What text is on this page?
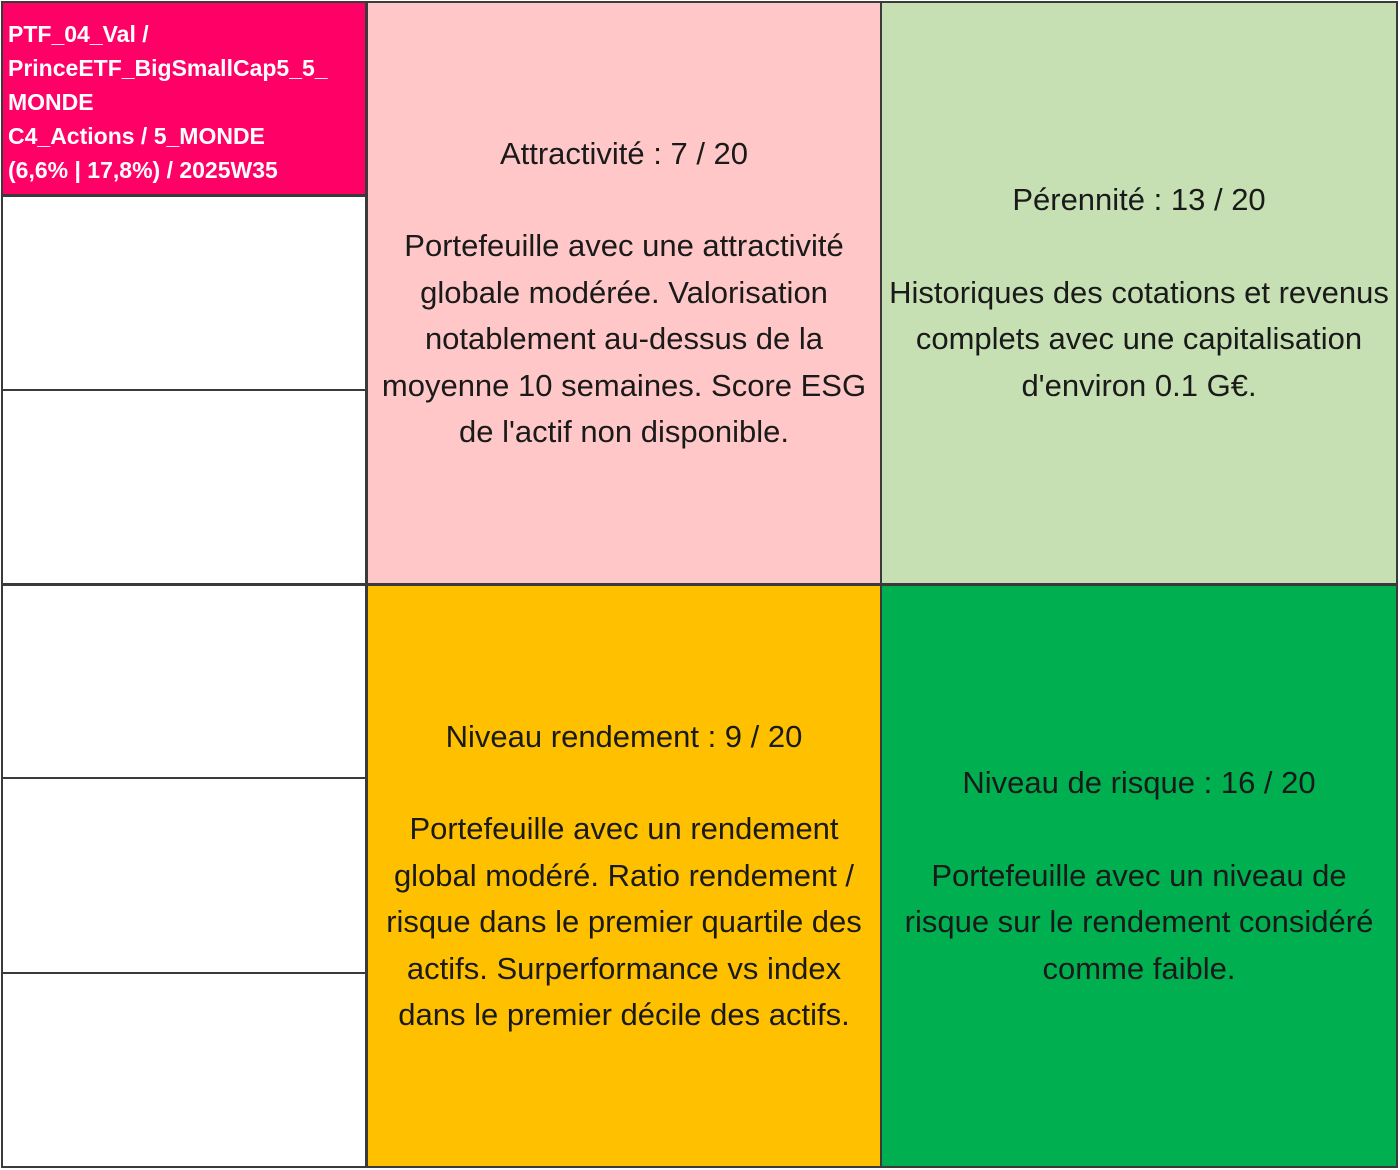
PTF_04_Val /
PrinceETF_BigSmallCap5_5_
MONDE
C4_Actions / 5_MONDE
(6,6% | 17,8%) / 2025W35	Attractivité : 7 / 20
Portefeuille avec une attractivité globale modérée. Valorisation notablement au-dessus de la moyenne 10 semaines. Score ESG de l'actif non disponible.
Pérennité : 13 / 20
Historiques des cotations et revenus complets avec une capitalisation d'environ 0.1 G€.
Niveau rendement : 9 / 20
Portefeuille avec un rendement global modéré. Ratio rendement / risque dans le premier quartile des actifs. Surperformance vs index dans le premier décile des actifs.
Niveau de risque : 16 / 20
Portefeuille avec un niveau de risque sur le rendement considéré comme faible.
